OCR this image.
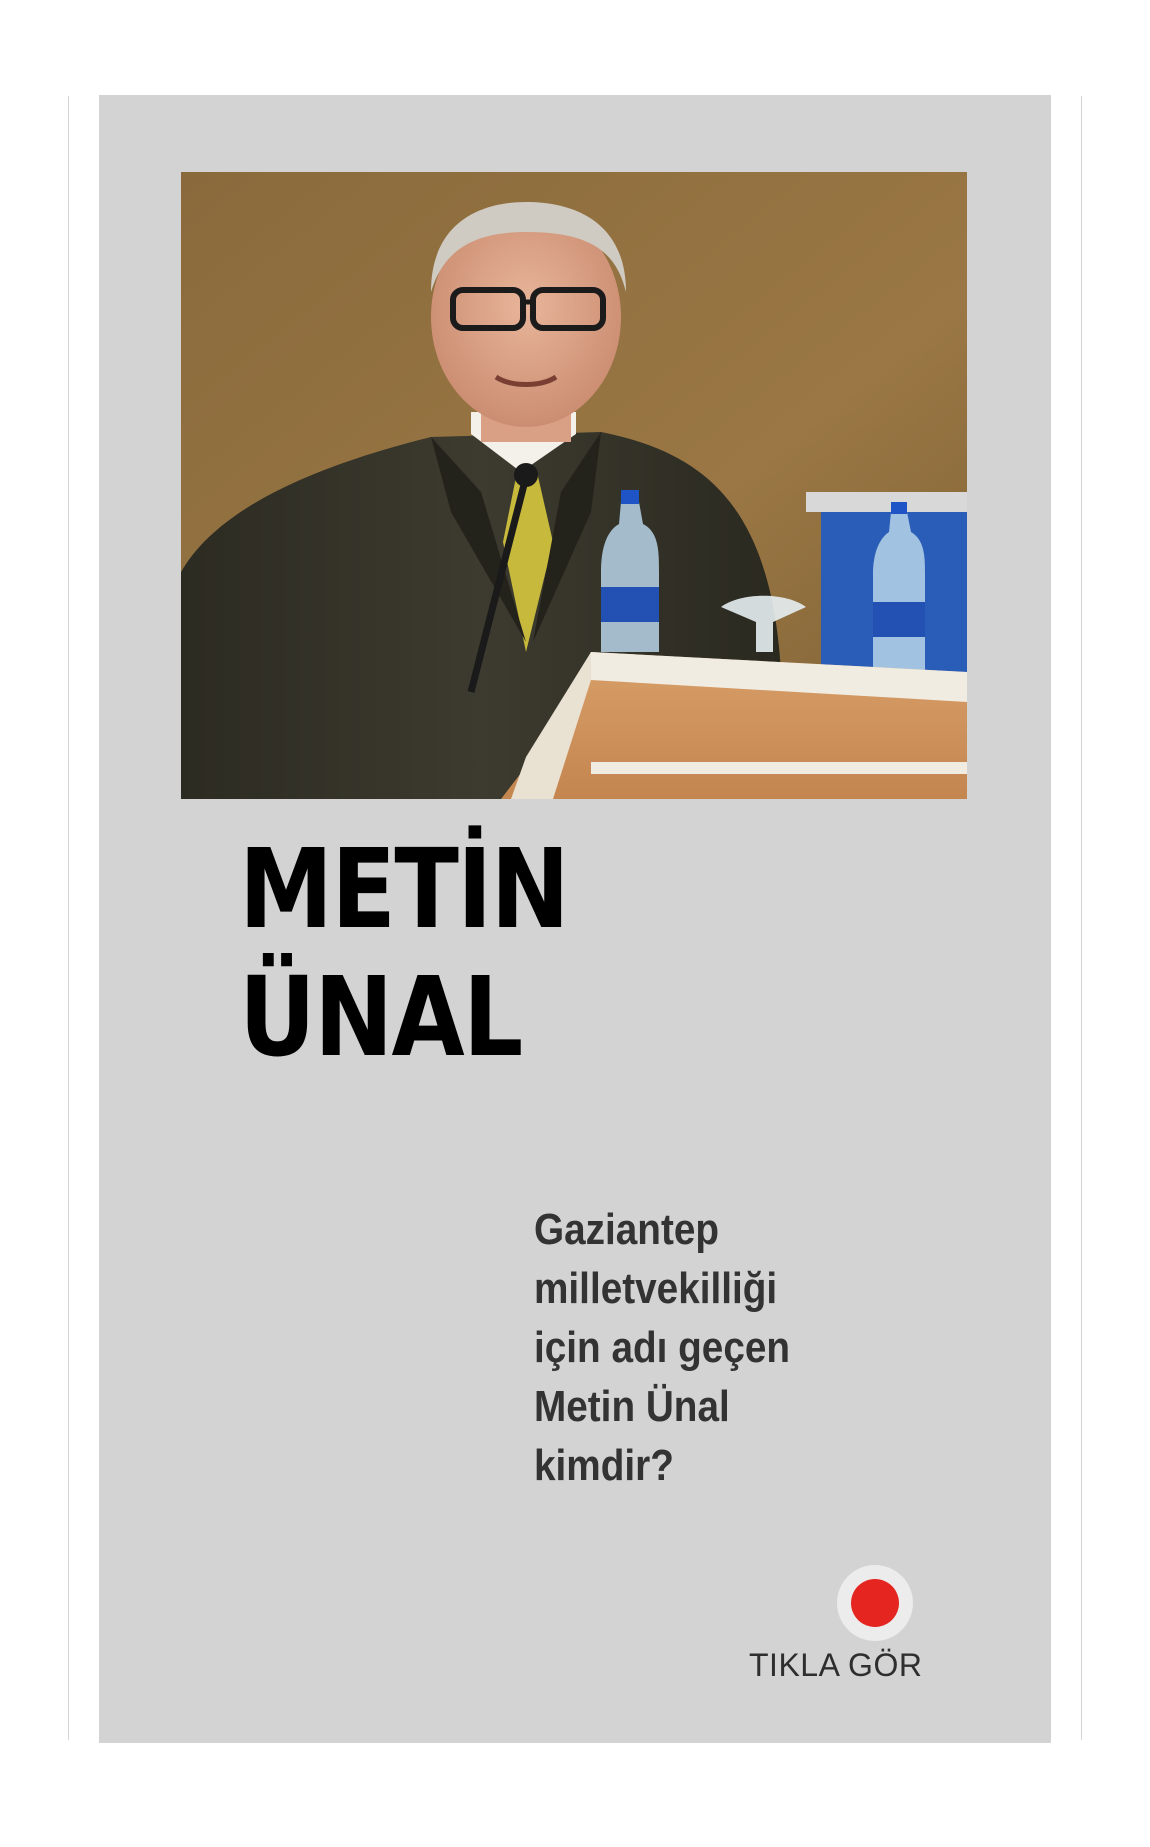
METİN
ÜNAL

Gaziantep milletvekilliği için adı geçen Metin Ünal kimdir?

TIKLA GÖR
